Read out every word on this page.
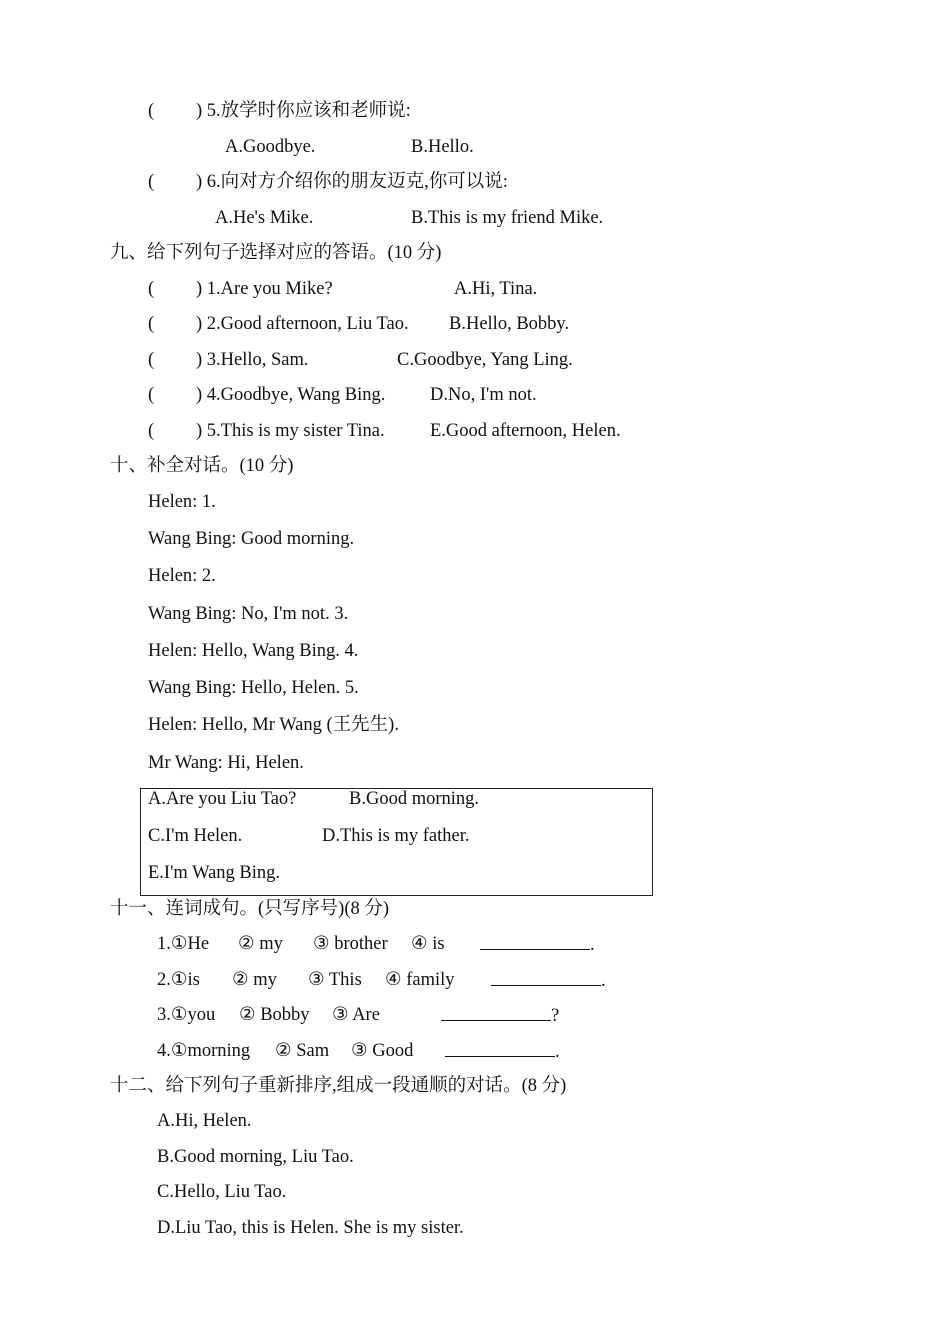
( ) 5.放学时你应该和老师说:
A.Goodbye.	B.Hello.
( ) 6.向对方介绍你的朋友迈克,你可以说:
A.He's Mike.	B.This is my friend Mike.
九、给下列句子选择对应的答语。(10 分)
( ) 1.Are you Mike?	A.Hi, Tina.
( ) 2.Good afternoon, Liu Tao. B.Hello, Bobby.
( ) 3.Hello, Sam.	C.Goodbye, Yang Ling.
( ) 4.Goodbye, Wang Bing. D.No, I'm not.
( ) 5.This is my sister Tina. E.Good afternoon, Helen.
十、补全对话。(10 分)
Helen: 1.
Wang Bing: Good morning.
Helen: 2.
Wang Bing: No, I'm not. 3.
Helen: Hello, Wang Bing. 4.
Wang Bing: Hello, Helen. 5.
Helen: Hello, Mr Wang (王先生).
Mr Wang: Hi, Helen.
A.Are you Liu Tao?	B.Good morning.
C.I'm Helen.	D.This is my father.
E.I'm Wang Bing.
十一、连词成句。(只写序号)(8 分)
1.①He ② my ③ brother ④ is	.
2.①is ② my ③ This ④ family	.
3.①you ② Bobby ③ Are	?
4.①morning ② Sam ③ Good	.
十二、给下列句子重新排序,组成一段通顺的对话。(8 分)
A.Hi, Helen.
B.Good morning, Liu Tao.
C.Hello, Liu Tao.
D.Liu Tao, this is Helen. She is my sister.
